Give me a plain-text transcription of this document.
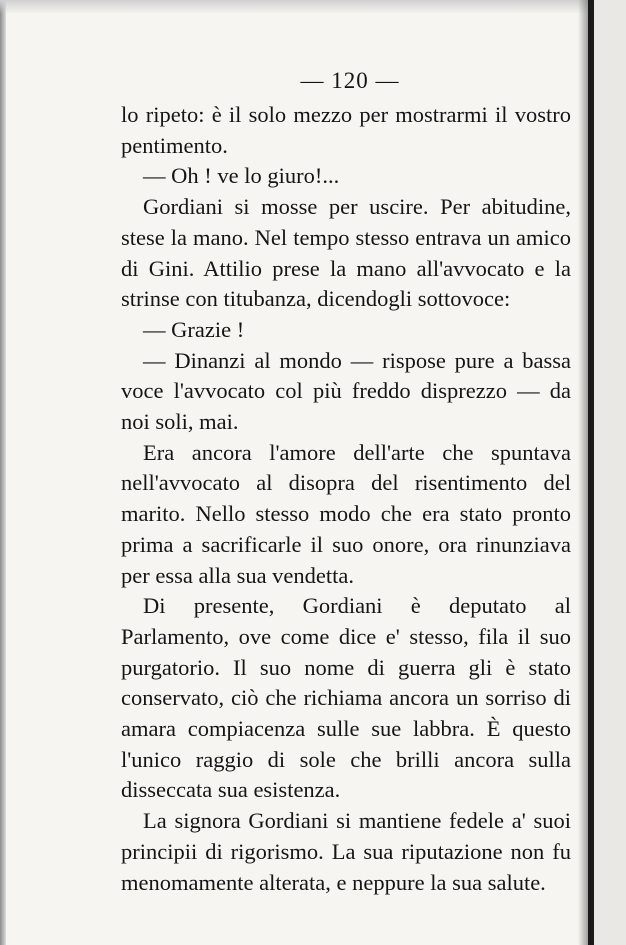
— 120 —

lo ripeto: è il solo mezzo per mostrarmi il vostro pentimento.

— Oh ! ve lo giuro!...

Gordiani si mosse per uscire. Per abitudine, stese la mano. Nel tempo stesso entrava un amico di Gini. Attilio prese la mano all'avvocato e la strinse con titubanza, dicendogli sottovoce:

— Grazie !

— Dinanzi al mondo — rispose pure a bassa voce l'avvocato col più freddo disprezzo — da noi soli, mai.

Era ancora l'amore dell'arte che spuntava nell'avvocato al disopra del risentimento del marito. Nello stesso modo che era stato pronto prima a sacrificarle il suo onore, ora rinunziava per essa alla sua vendetta.

Di presente, Gordiani è deputato al Parlamento, ove come dice e' stesso, fila il suo purgatorio. Il suo nome di guerra gli è stato conservato, ciò che richiama ancora un sorriso di amara compiacenza sulle sue labbra. È questo l'unico raggio di sole che brilli ancora sulla disseccata sua esistenza.

La signora Gordiani si mantiene fedele a' suoi principii di rigorismo. La sua riputazione non fu menomamente alterata, e neppure la sua salute.
